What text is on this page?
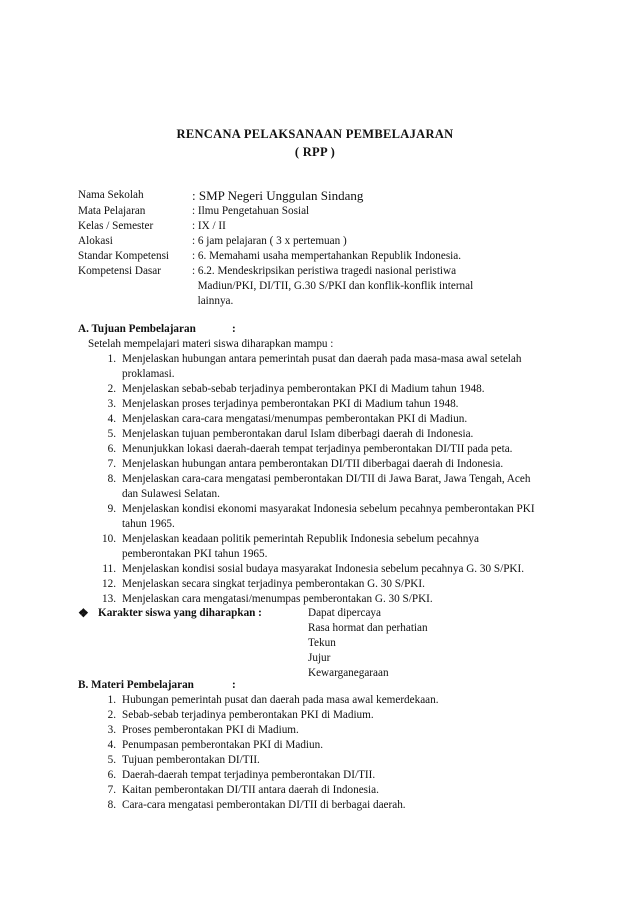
RENCANA PELAKSANAAN PEMBELAJARAN
( RPP )
Nama Sekolah	: SMP Negeri Unggulan Sindang
Mata Pelajaran	: Ilmu Pengetahuan Sosial
Kelas / Semester	: IX / II
Alokasi	: 6 jam pelajaran ( 3 x pertemuan )
Standar Kompetensi	: 6. Memahami usaha mempertahankan Republik Indonesia.
Kompetensi Dasar	: 6.2. Mendeskripsikan peristiwa tragedi nasional peristiwa
Madiun/PKI, DI/TII, G.30 S/PKI dan konflik-konflik internal
lainnya.
A. Tujuan Pembelajaran	:
Setelah mempelajari materi siswa diharapkan mampu :
1. Menjelaskan hubungan antara pemerintah pusat dan daerah pada masa-masa awal setelah
proklamasi.
2. Menjelaskan sebab-sebab terjadinya pemberontakan PKI di Madium tahun 1948.
3. Menjelaskan proses terjadinya pemberontakan PKI di Madium tahun 1948.
4. Menjelaskan cara-cara mengatasi/menumpas pemberontakan PKI di Madiun.
5. Menjelaskan tujuan pemberontakan darul Islam diberbagi daerah di Indonesia.
6. Menunjukkan lokasi daerah-daerah tempat terjadinya pemberontakan DI/TII pada peta.
7. Menjelaskan hubungan antara pemberontakan DI/TII diberbagai daerah di Indonesia.
8. Menjelaskan cara-cara mengatasi pemberontakan DI/TII di Jawa Barat, Jawa Tengah, Aceh
dan Sulawesi Selatan.
9. Menjelaskan kondisi ekonomi masyarakat Indonesia sebelum pecahnya pemberontakan PKI
tahun 1965.
10. Menjelaskan keadaan politik pemerintah Republik Indonesia sebelum pecahnya
pemberontakan PKI tahun 1965.
11. Menjelaskan kondisi sosial budaya masyarakat Indonesia sebelum pecahnya G. 30 S/PKI.
12. Menjelaskan secara singkat terjadinya pemberontakan G. 30 S/PKI.
13. Menjelaskan cara mengatasi/menumpas pemberontakan G. 30 S/PKI.
❖ Karakter siswa yang diharapkan :	Dapat dipercaya
Rasa hormat dan perhatian
Tekun
Jujur
Kewarganegaraan
B. Materi Pembelajaran	:
1. Hubungan pemerintah pusat dan daerah pada masa awal kemerdekaan.
2. Sebab-sebab terjadinya pemberontakan PKI di Madium.
3. Proses pemberontakan PKI di Madium.
4. Penumpasan pemberontakan PKI di Madiun.
5. Tujuan pemberontakan DI/TII.
6. Daerah-daerah tempat terjadinya pemberontakan DI/TII.
7. Kaitan pemberontakan DI/TII antara daerah di Indonesia.
8. Cara-cara mengatasi pemberontakan DI/TII di berbagai daerah.
